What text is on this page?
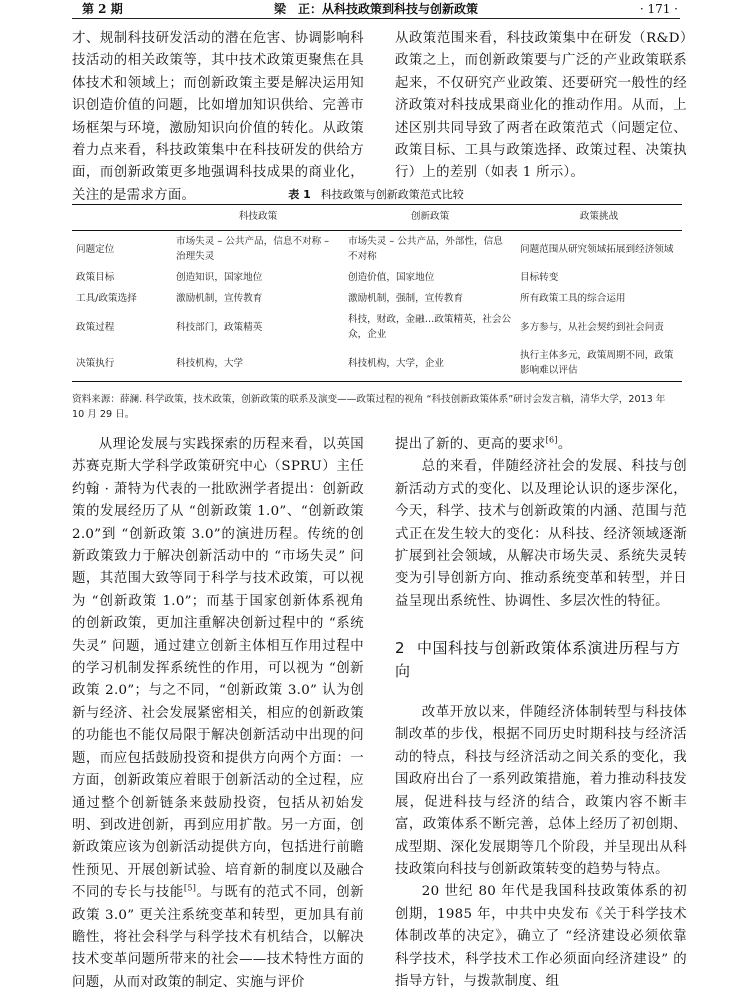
第 2 期	梁　正：从科技政策到科技与创新政策	· 171 ·

才、规制科技研发活动的潜在危害、协调影响科技活动的相关政策等，其中技术政策更聚焦在具体技术和领域上；而创新政策主要是解决运用知识创造价值的问题，比如增加知识供给、完善市场框架与环境，激励知识向价值的转化。从政策着力点来看，科技政策集中在科技研发的供给方面，而创新政策更多地强调科技成果的商业化，关注的是需求方面。

从政策范围来看，科技政策集中在研发（R&D）政策之上，而创新政策要与广泛的产业政策联系起来，不仅研究产业政策、还要研究一般性的经济政策对科技成果商业化的推动作用。从而，上述区别共同导致了两者在政策范式（问题定位、政策目标、工具与政策选择、政策过程、决策执行）上的差别（如表 1 所示）。

表 1 科技政策与创新政策范式比较
	科技政策	创新政策	政策挑战
问题定位	市场失灵 – 公共产品，信息不对称 – 治理失灵	市场失灵 – 公共产品，外部性，信息不对称	问题范围从研究领域拓展到经济领域
政策目标	创造知识，国家地位	创造价值，国家地位	目标转变
工具/政策选择	激励机制，宣传教育	激励机制，强制，宣传教育	所有政策工具的综合运用
政策过程	科技部门，政策精英	科技，财政，金融…政策精英，社会公众，企业	多方参与，从社会契约到社会问责
决策执行	科技机构，大学	科技机构，大学，企业	执行主体多元，政策周期不同，政策影响难以评估
资料来源：薛澜. 科学政策，技术政策，创新政策的联系及演变——政策过程的视角 “科技创新政策体系”研讨会发言稿，清华大学，2013 年 10 月 29 日。

从理论发展与实践探索的历程来看，以英国苏赛克斯大学科学政策研究中心（SPRU）主任约翰 · 萧特为代表的一批欧洲学者提出：创新政策的发展经历了从 “创新政策 1.0”、“创新政策 2.0”到 “创新政策 3.0”的演进历程。传统的创新政策致力于解决创新活动中的 “市场失灵” 问题，其范围大致等同于科学与技术政策，可以视为 “创新政策 1.0”；而基于国家创新体系视角的创新政策，更加注重解决创新过程中的 “系统失灵” 问题，通过建立创新主体相互作用过程中的学习机制发挥系统性的作用，可以视为 “创新政策 2.0”；与之不同，“创新政策 3.0” 认为创新与经济、社会发展紧密相关，相应的创新政策的功能也不能仅局限于解决创新活动中出现的问题，而应包括鼓励投资和提供方向两个方面：一方面，创新政策应着眼于创新活动的全过程，应通过整个创新链条来鼓励投资，包括从初始发明、到改进创新，再到应用扩散。另一方面，创新政策应该为创新活动提供方向，包括进行前瞻性预见、开展创新试验、培育新的制度以及融合不同的专长与技能[5]。与既有的范式不同，创新政策 3.0” 更关注系统变革和转型，更加具有前瞻性，将社会科学与科学技术有机结合，以解决技术变革问题所带来的社会——技术特性方面的问题，从而对政策的制定、实施与评价

提出了新的、更高的要求[6]。

总的来看，伴随经济社会的发展、科技与创新活动方式的变化、以及理论认识的逐步深化，今天，科学、技术与创新政策的内涵、范围与范式正在发生较大的变化：从科技、经济领域逐渐扩展到社会领域，从解决市场失灵、系统失灵转变为引导创新方向、推动系统变革和转型，并日益呈现出系统性、协调性、多层次性的特征。

2 中国科技与创新政策体系演进历程与方向

改革开放以来，伴随经济体制转型与科技体制改革的步伐，根据不同历史时期科技与经济活动的特点，科技与经济活动之间关系的变化，我国政府出台了一系列政策措施，着力推动科技发展，促进科技与经济的结合，政策内容不断丰富，政策体系不断完善，总体上经历了初创期、成型期、深化发展期等几个阶段，并呈现出从科技政策向科技与创新政策转变的趋势与特点。

20 世纪 80 年代是我国科技政策体系的初创期，1985 年，中共中央发布《关于科学技术体制改革的决定》，确立了 “经济建设必须依靠科学技术，科学技术工作必须面向经济建设” 的指导方针，与拨款制度、组
